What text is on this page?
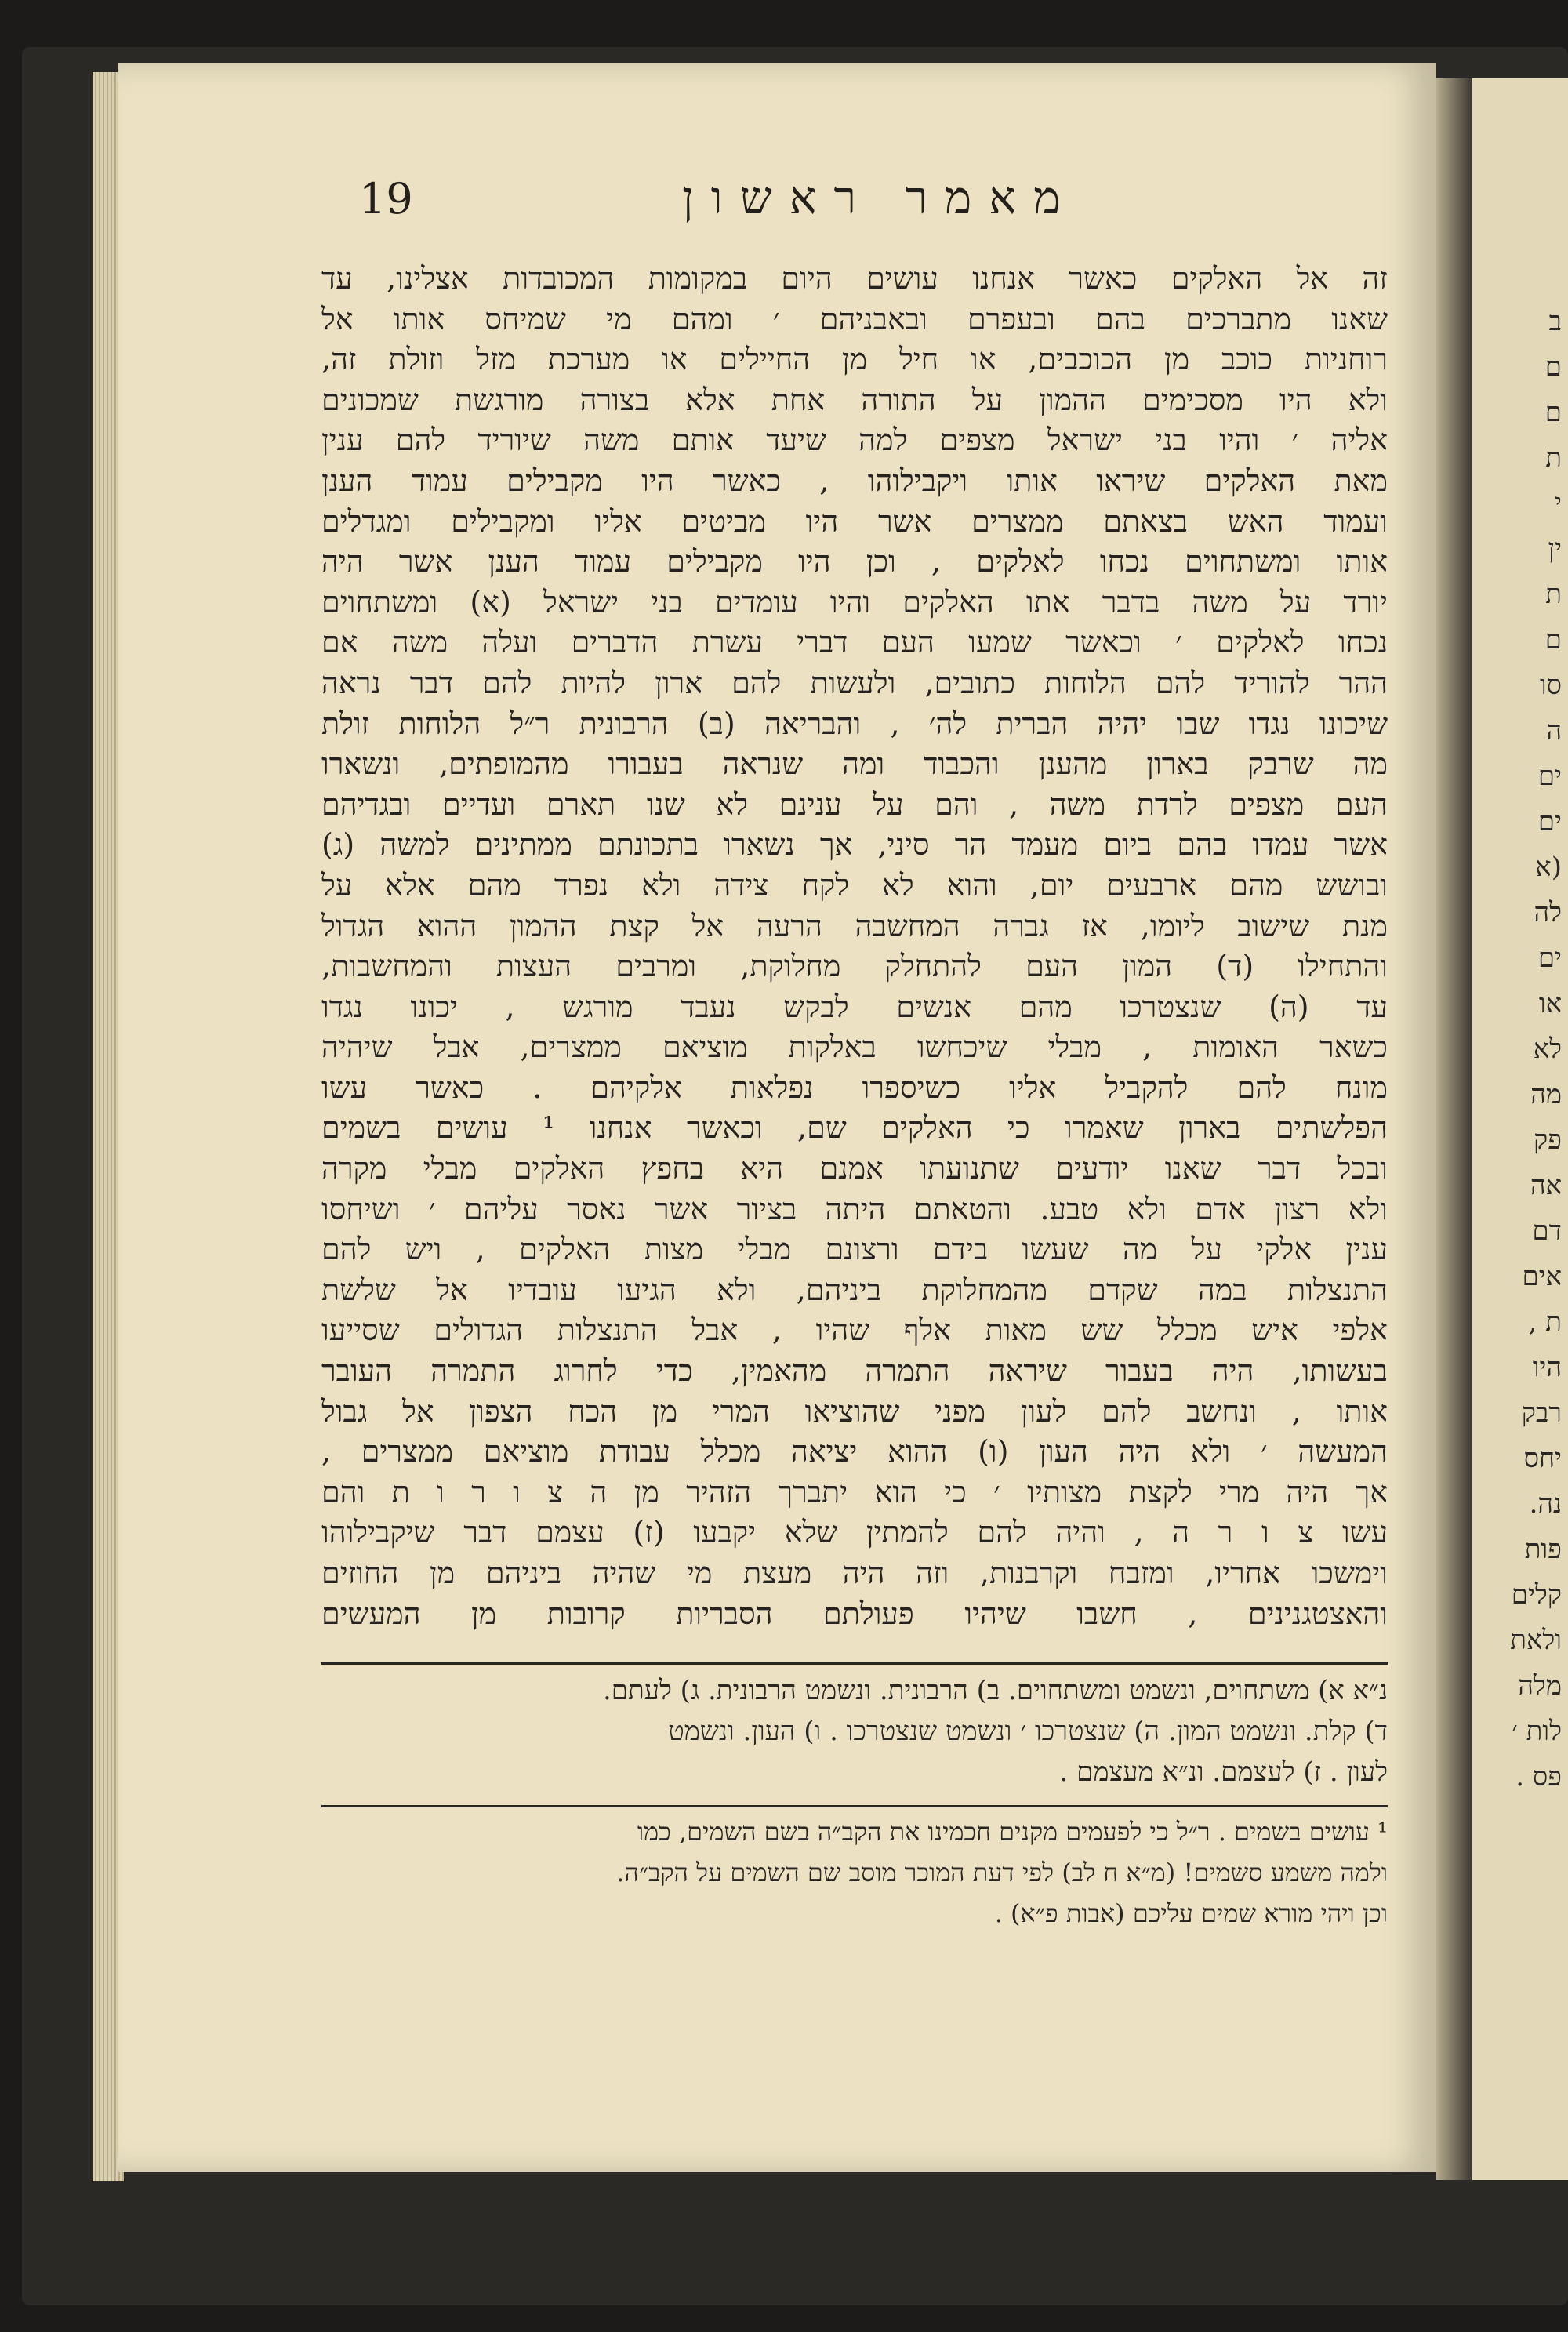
19	מאמר ראשון
זה אל האלקים כאשר אנחנו עושים היום במקומות המכובדות אצלינו, עד
שאנו מתברכים בהם ובעפרם ובאבניהם ׳ ומהם מי שמיחס אותו אל
רוחניות כוכב מן הכוכבים, או חיל מן החיילים או מערכת מזל וזולת זה,
ולא היו מסכימים ההמון על התורה אחת אלא בצורה מורגשת שמכונים
אליה ׳ והיו בני ישראל מצפים למה שיעד אותם משה שיוריד להם ענין
מאת האלקים שיראו אותו ויקבילוהו , כאשר היו מקבילים עמוד הענן
ועמוד האש בצאתם ממצרים אשר היו מביטים אליו ומקבילים ומגדלים
אותו ומשתחוים נכחו לאלקים , וכן היו מקבילים עמוד הענן אשר היה
יורד על משה בדבר אתו האלקים והיו עומדים בני ישראל (א) ומשתחוים
נכחו לאלקים ׳ וכאשר שמעו העם דברי עשרת הדברים ועלה משה אם
ההר להוריד להם הלוחות כתובים, ולעשות להם ארון להיות להם דבר נראה
שיכונו נגדו שבו יהיה הברית לה׳ , והבריאה (ב) הרבונית ר״ל הלוחות זולת
מה שרבק בארון מהענן והכבוד ומה שנראה בעבורו מהמופתים, ונשארו
העם מצפים לרדת משה , והם על ענינם לא שנו תארם ועדיים ובגדיהם
אשר עמדו בהם ביום מעמד הר סיני, אך נשארו בתכונתם ממתינים למשה (ג)
ובושש מהם ארבעים יום, והוא לא לקח צידה ולא נפרד מהם אלא על
מנת שישוב ליומו, אז גברה המחשבה הרעה אל קצת ההמון ההוא הגדול
והתחילו (ד) המון העם להתחלק מחלוקת, ומרבים העצות והמחשבות,
עד (ה) שנצטרכו מהם אנשים לבקש נעבד מורגש , יכונו נגדו
כשאר האומות , מבלי שיכחשו באלקות מוציאם ממצרים, אבל שיהיה
מונח להם להקביל אליו כשיספרו נפלאות אלקיהם . כאשר עשו
הפלשתים בארון שאמרו כי האלקים שם, וכאשר אנחנו ¹ עושים בשמים
ובכל דבר שאנו יודעים שתנועתו אמנם היא בחפץ האלקים מבלי מקרה
ולא רצון אדם ולא טבע. והטאתם היתה בציור אשר נאסר עליהם ׳ ושיחסו
ענין אלקי על מה שעשו בידם ורצונם מבלי מצות האלקים , ויש להם
התנצלות במה שקדם מהמחלוקת ביניהם, ולא הגיעו עובדיו אל שלשת
אלפי איש מכלל שש מאות אלף שהיו , אבל התנצלות הגדולים שסייעו
בעשותו, היה בעבור שיראה התמרה מהאמין, כדי לחרוג התמרה העובר
אותו , ונחשב להם לעון מפני שהוציאו המרי מן הכח הצפון אל גבול
המעשה ׳ ולא היה העון (ו) ההוא יציאה מכלל עבודת מוציאם ממצרים ,
אך היה מרי לקצת מצותיו ׳ כי הוא יתברך הזהיר מן ה צ ו ר ו ת והם
עשו צ ו ר ה , והיה להם להמתין שלא יקבעו (ז) עצמם דבר שיקבילוהו
וימשכו אחריו, ומזבח וקרבנות, וזה היה מעצת מי שהיה ביניהם מן החוזים
והאצטגנינים , חשבו שיהיו פעולתם הסבריות קרובות מן המעשים
נ״א א) משתחוים, ונשמט ומשתחוים. ב) הרבונית. ונשמט הרבונית. ג) לעתם.
ד) קלת. ונשמט המון. ה) שנצטרכו ׳ ונשמט שנצטרכו . ו) העון. ונשמט
לעון . ז) לעצמם. ונ״א מעצמם .
¹ עושים בשמים . ר״ל כי לפעמים מקנים חכמינו את הקב״ה בשם השמים, כמו
ולמה משמע סשמים! (מ״א ח לב) לפי דעת המוכר מוסב שם השמים על הקב״ה.
וכן ויהי מורא שמים עליכם (אבות פ״א) .
ב
ם
ם
ת
י
ין
ת
ם
סו
ה
ים
ים
(א
לה
ים
או
לא
מה
פק
אה
דם
אים
ת ,
היו
רבק
יחס
נה.
פות
קלים
ולאת
מלה
לות ׳
פס .
